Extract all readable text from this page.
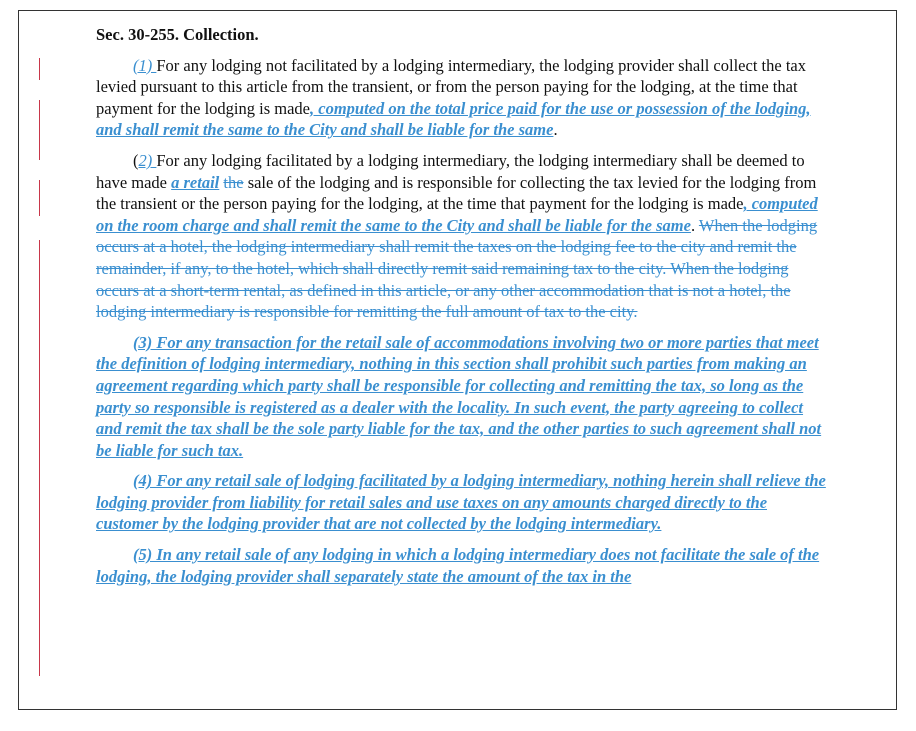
Sec. 30-255. Collection.

(1) For any lodging not facilitated by a lodging intermediary, the lodging provider shall collect the tax levied pursuant to this article from the transient, or from the person paying for the lodging, at the time that payment for the lodging is made, computed on the total price paid for the use or possession of the lodging, and shall remit the same to the City and shall be liable for the same.

(2) For any lodging facilitated by a lodging intermediary, the lodging intermediary shall be deemed to have made a retail the sale of the lodging and is responsible for collecting the tax levied for the lodging from the transient or the person paying for the lodging, at the time that payment for the lodging is made, computed on the room charge and shall remit the same to the City and shall be liable for the same. When the lodging occurs at a hotel, the lodging intermediary shall remit the taxes on the lodging fee to the city and remit the remainder, if any, to the hotel, which shall directly remit said remaining tax to the city. When the lodging occurs at a short-term rental, as defined in this article, or any other accommodation that is not a hotel, the lodging intermediary is responsible for remitting the full amount of tax to the city.

(3) For any transaction for the retail sale of accommodations involving two or more parties that meet the definition of lodging intermediary, nothing in this section shall prohibit such parties from making an agreement regarding which party shall be responsible for collecting and remitting the tax, so long as the party so responsible is registered as a dealer with the locality. In such event, the party agreeing to collect and remit the tax shall be the sole party liable for the tax, and the other parties to such agreement shall not be liable for such tax.

(4) For any retail sale of lodging facilitated by a lodging intermediary, nothing herein shall relieve the lodging provider from liability for retail sales and use taxes on any amounts charged directly to the customer by the lodging provider that are not collected by the lodging intermediary.

(5) In any retail sale of any lodging in which a lodging intermediary does not facilitate the sale of the lodging, the lodging provider shall separately state the amount of the tax in the
